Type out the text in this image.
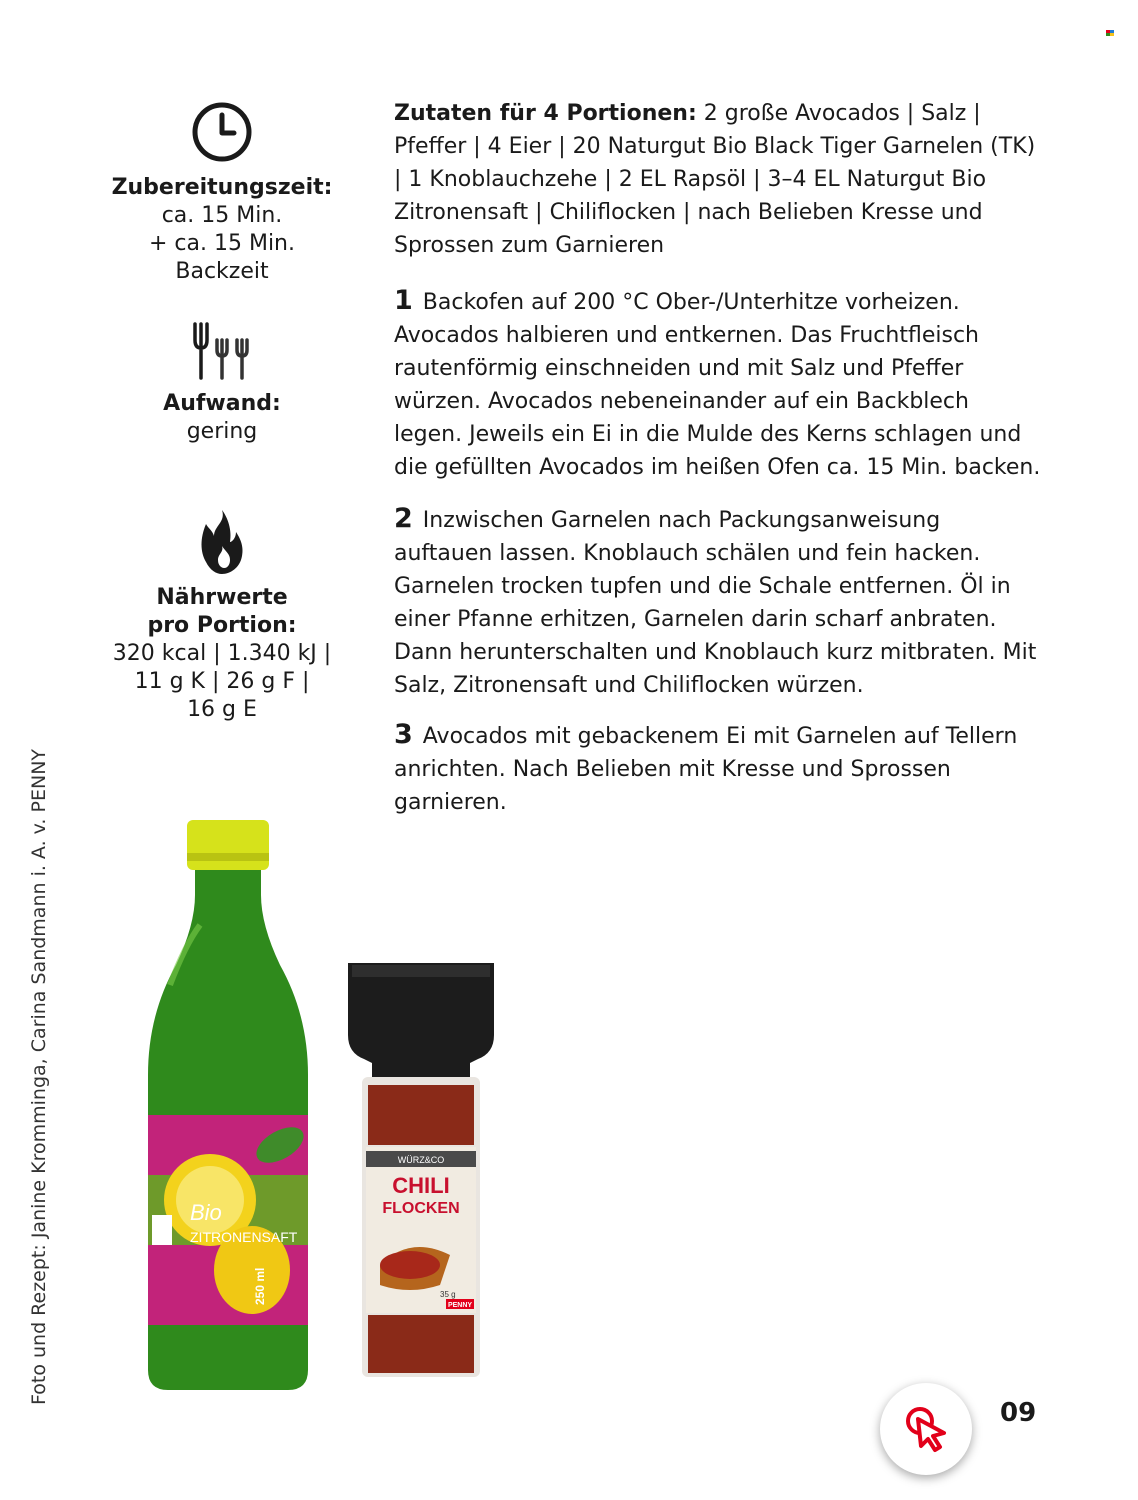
Zubereitungszeit:
ca. 15 Min.
+ ca. 15 Min. Backzeit
Aufwand:
gering
Nährwerte
pro Portion:
320 kcal | 1.340 kJ |
11 g K | 26 g F |
16 g E
Zutaten für 4 Portionen: 2 große Avocados | Salz | Pfeffer | 4 Eier | 20 Naturgut Bio Black Tiger Garnelen (TK) | 1 Knoblauchzehe | 2 EL Rapsöl | 3–4 EL Naturgut Bio Zitronensaft | Chiliflocken | nach Belieben Kresse und Sprossen zum Garnieren
1 Backofen auf 200 °C Ober-/Unterhitze vorheizen. Avocados halbieren und entkernen. Das Fruchtfleisch rautenförmig einschneiden und mit Salz und Pfeffer würzen. Avocados nebeneinander auf ein Backblech legen. Jeweils ein Ei in die Mulde des Kerns schlagen und die gefüllten Avocados im heißen Ofen ca. 15 Min. backen.
2 Inzwischen Garnelen nach Packungsanweisung auftauen lassen. Knoblauch schälen und fein hacken. Garnelen trocken tupfen und die Schale entfernen. Öl in einer Pfanne erhitzen, Garnelen darin scharf anbraten. Dann herunterschalten und Knoblauch kurz mitbraten. Mit Salz, Zitronensaft und Chiliflocken würzen.
3 Avocados mit gebackenem Ei mit Garnelen auf Tellern anrichten. Nach Belieben mit Kresse und Sprossen garnieren.
Foto und Rezept: Janine Kromminga, Carina Sandmann i. A. v. PENNY	Bio
ZITRONENSAFT
250 ml
WÜRZ&CO
CHILI
FLOCKEN
35 g
PENNY
09
